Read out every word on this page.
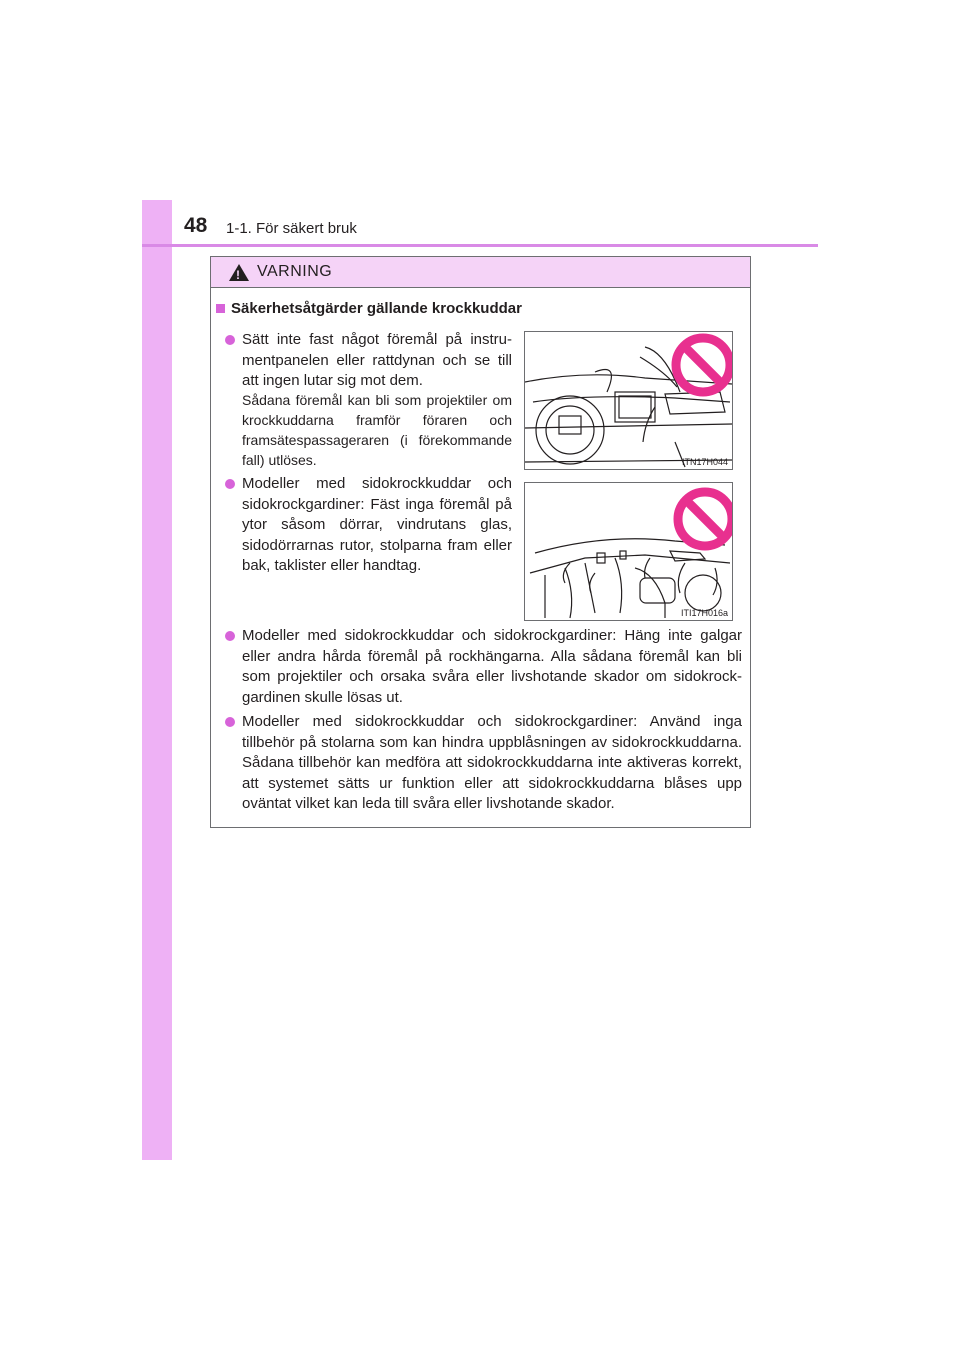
48 1-1. För säkert bruk
!
VARNING
Säkerhetsåtgärder gällande krockkuddar
Sätt inte fast något föremål på instru- mentpanelen eller rattdynan och se till att ingen lutar sig mot dem.
Sådana föremål kan bli som projektiler om krockkuddarna framför föraren och framsätespassageraren (i förekommande fall) utlöses.
Modeller med sidokrockkuddar och sidokrockgardiner: Fäst inga föremål på ytor såsom dörrar, vindrutans glas, sidodörrarnas rutor, stolparna fram eller bak, taklister eller handtag.
Modeller med sidokrockkuddar och sidokrockgardiner: Häng inte galgar eller andra hårda föremål på rockhängarna. Alla sådana föremål kan bli som projektiler och orsaka svåra eller livshotande skador om sidokrock- gardinen skulle lösas ut.
Modeller med sidokrockkuddar och sidokrockgardiner: Använd inga tillbehör på stolarna som kan hindra uppblåsningen av sidokrockkuddarna. Sådana tillbehör kan medföra att sidokrockkuddarna inte aktiveras korrekt, att systemet sätts ur funktion eller att sidokrockkuddarna blåses upp oväntat vilket kan leda till svåra eller livshotande skador.
ITN17H044
ITI17H016a
